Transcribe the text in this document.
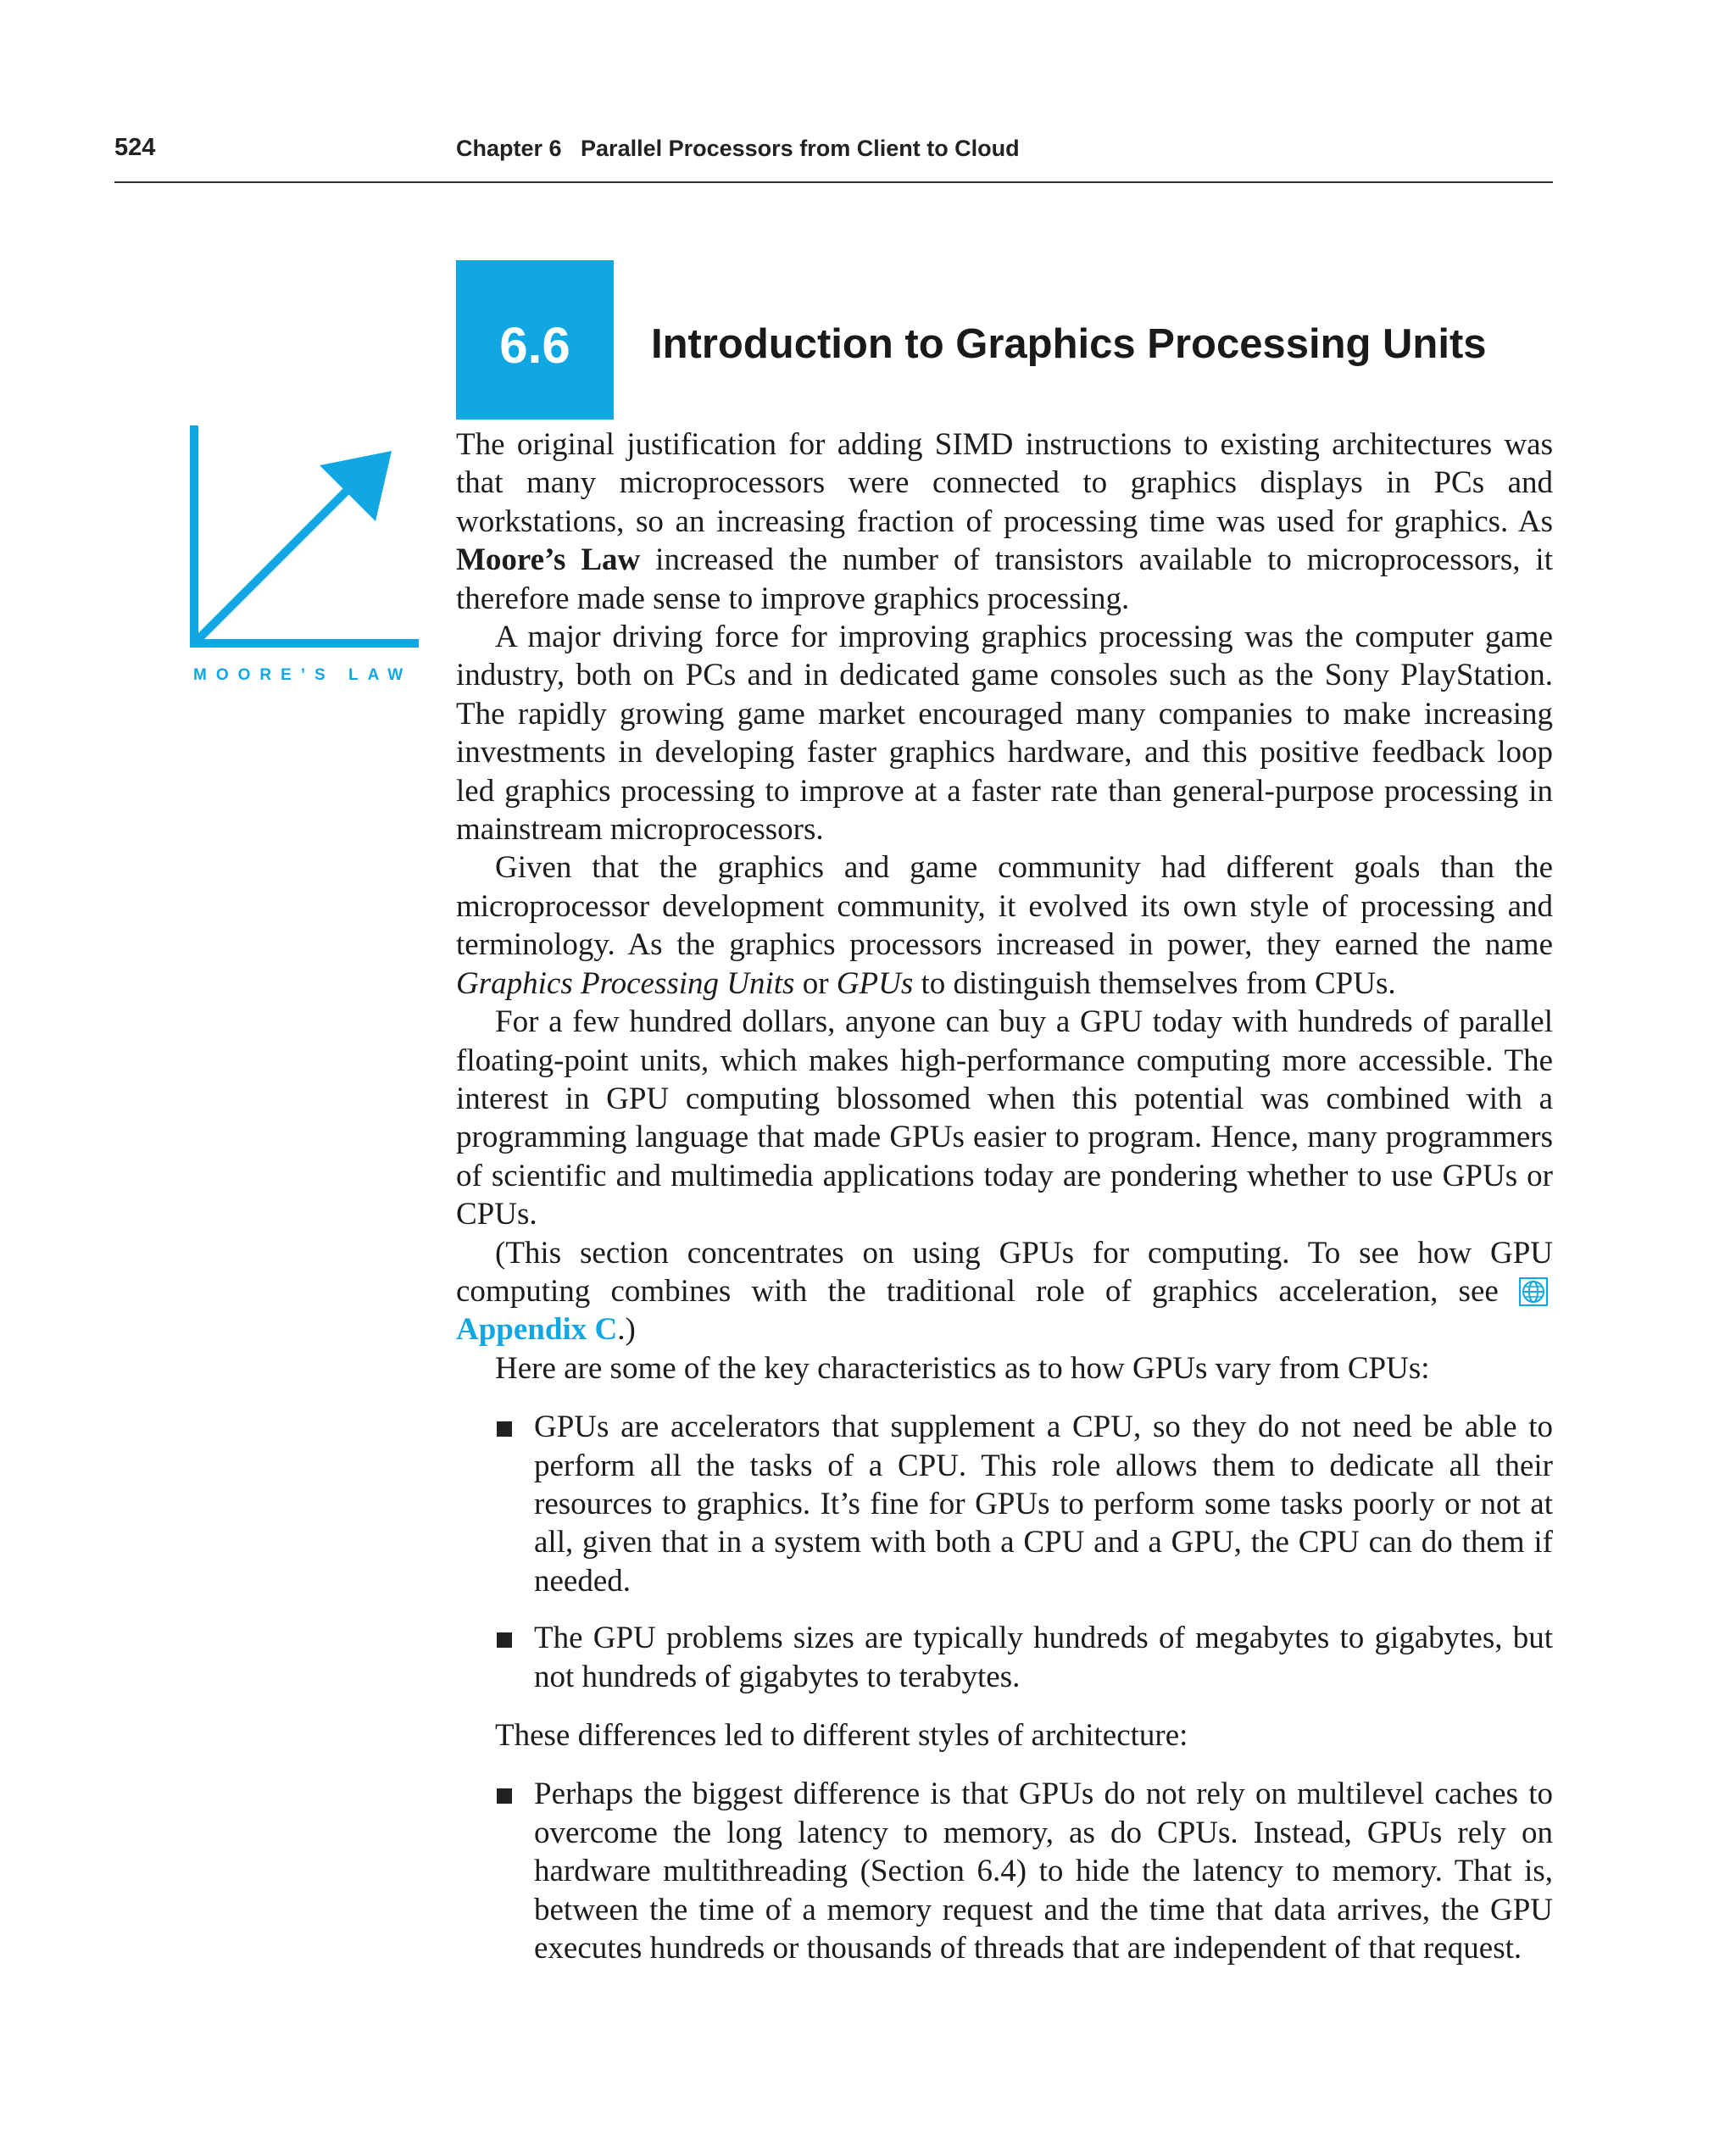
524	Chapter 6   Parallel Processors from Client to Cloud
6.6	Introduction to Graphics Processing Units
MOORE’S LAW

The original justification for adding SIMD instructions to existing architectures was that many microprocessors were connected to graphics displays in PCs and workstations, so an increasing fraction of processing time was used for graphics. As Moore’s Law increased the number of transistors available to microprocessors, it therefore made sense to improve graphics processing.

A major driving force for improving graphics processing was the computer game industry, both on PCs and in dedicated game consoles such as the Sony PlayStation. The rapidly growing game market encouraged many companies to make increasing investments in developing faster graphics hardware, and this positive feedback loop led graphics processing to improve at a faster rate than general-purpose processing in mainstream microprocessors.

Given that the graphics and game community had different goals than the microprocessor development community, it evolved its own style of processing and terminology. As the graphics processors increased in power, they earned the name Graphics Processing Units or GPUs to distinguish themselves from CPUs.

For a few hundred dollars, anyone can buy a GPU today with hundreds of parallel floating-point units, which makes high-performance computing more accessible. The interest in GPU computing blossomed when this potential was combined with a programming language that made GPUs easier to program. Hence, many programmers of scientific and multimedia applications today are pondering whether to use GPUs or CPUs.

(This section concentrates on using GPUs for computing. To see how GPU computing combines with the traditional role of graphics acceleration, see Appendix C.)

Here are some of the key characteristics as to how GPUs vary from CPUs:

GPUs are accelerators that supplement a CPU, so they do not need be able to perform all the tasks of a CPU. This role allows them to dedicate all their resources to graphics. It’s fine for GPUs to perform some tasks poorly or not at all, given that in a system with both a CPU and a GPU, the CPU can do them if needed.
The GPU problems sizes are typically hundreds of megabytes to gigabytes, but not hundreds of gigabytes to terabytes.

These differences led to different styles of architecture:

Perhaps the biggest difference is that GPUs do not rely on multilevel caches to overcome the long latency to memory, as do CPUs. Instead, GPUs rely on hardware multithreading (Section 6.4) to hide the latency to memory. That is, between the time of a memory request and the time that data arrives, the GPU executes hundreds or thousands of threads that are independent of that request.
